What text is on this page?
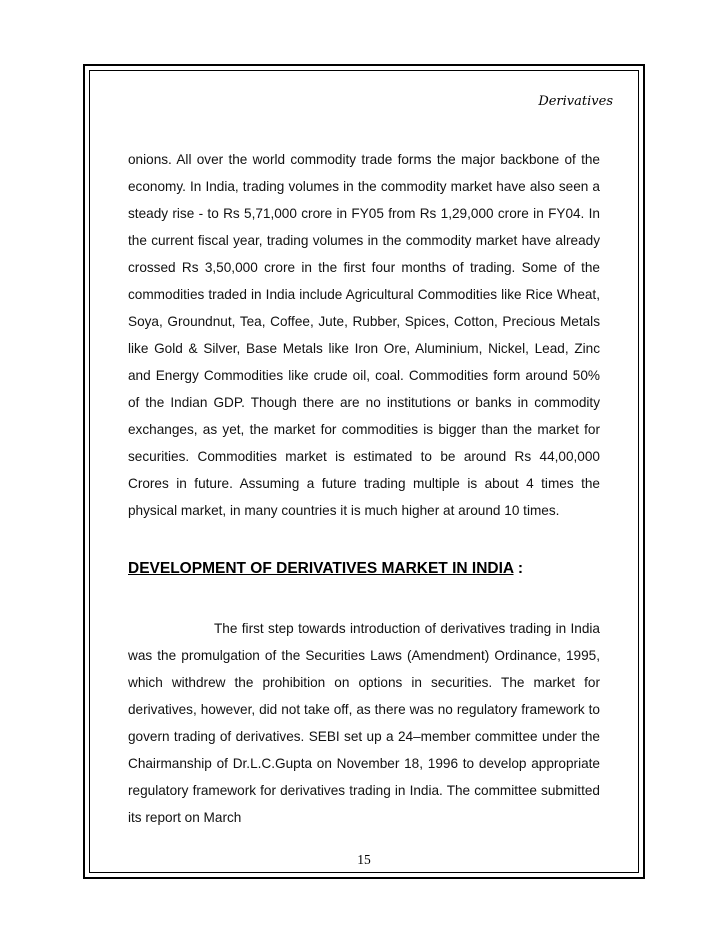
Derivatives

onions. All over the world commodity trade forms the major backbone of the economy. In India, trading volumes in the commodity market have also seen a steady rise - to Rs 5,71,000 crore in FY05 from Rs 1,29,000 crore in FY04. In the current fiscal year, trading volumes in the commodity market have already crossed Rs 3,50,000 crore in the first four months of trading. Some of the commodities traded in India include Agricultural Commodities like Rice Wheat, Soya, Groundnut, Tea, Coffee, Jute, Rubber, Spices, Cotton, Precious Metals like Gold & Silver, Base Metals like Iron Ore, Aluminium, Nickel, Lead, Zinc and Energy Commodities like crude oil, coal. Commodities form around 50% of the Indian GDP. Though there are no institutions or banks in commodity exchanges, as yet, the market for commodities is bigger than the market for securities. Commodities market is estimated to be around Rs 44,00,000 Crores in future. Assuming a future trading multiple is about 4 times the physical market, in many countries it is much higher at around 10 times.

DEVELOPMENT OF DERIVATIVES MARKET IN INDIA :

The first step towards introduction of derivatives trading in India was the promulgation of the Securities Laws (Amendment) Ordinance, 1995, which withdrew the prohibition on options in securities. The market for derivatives, however, did not take off, as there was no regulatory framework to govern trading of derivatives. SEBI set up a 24–member committee under the Chairmanship of Dr.L.C.Gupta on November 18, 1996 to develop appropriate regulatory framework for derivatives trading in India. The committee submitted its report on March

15
